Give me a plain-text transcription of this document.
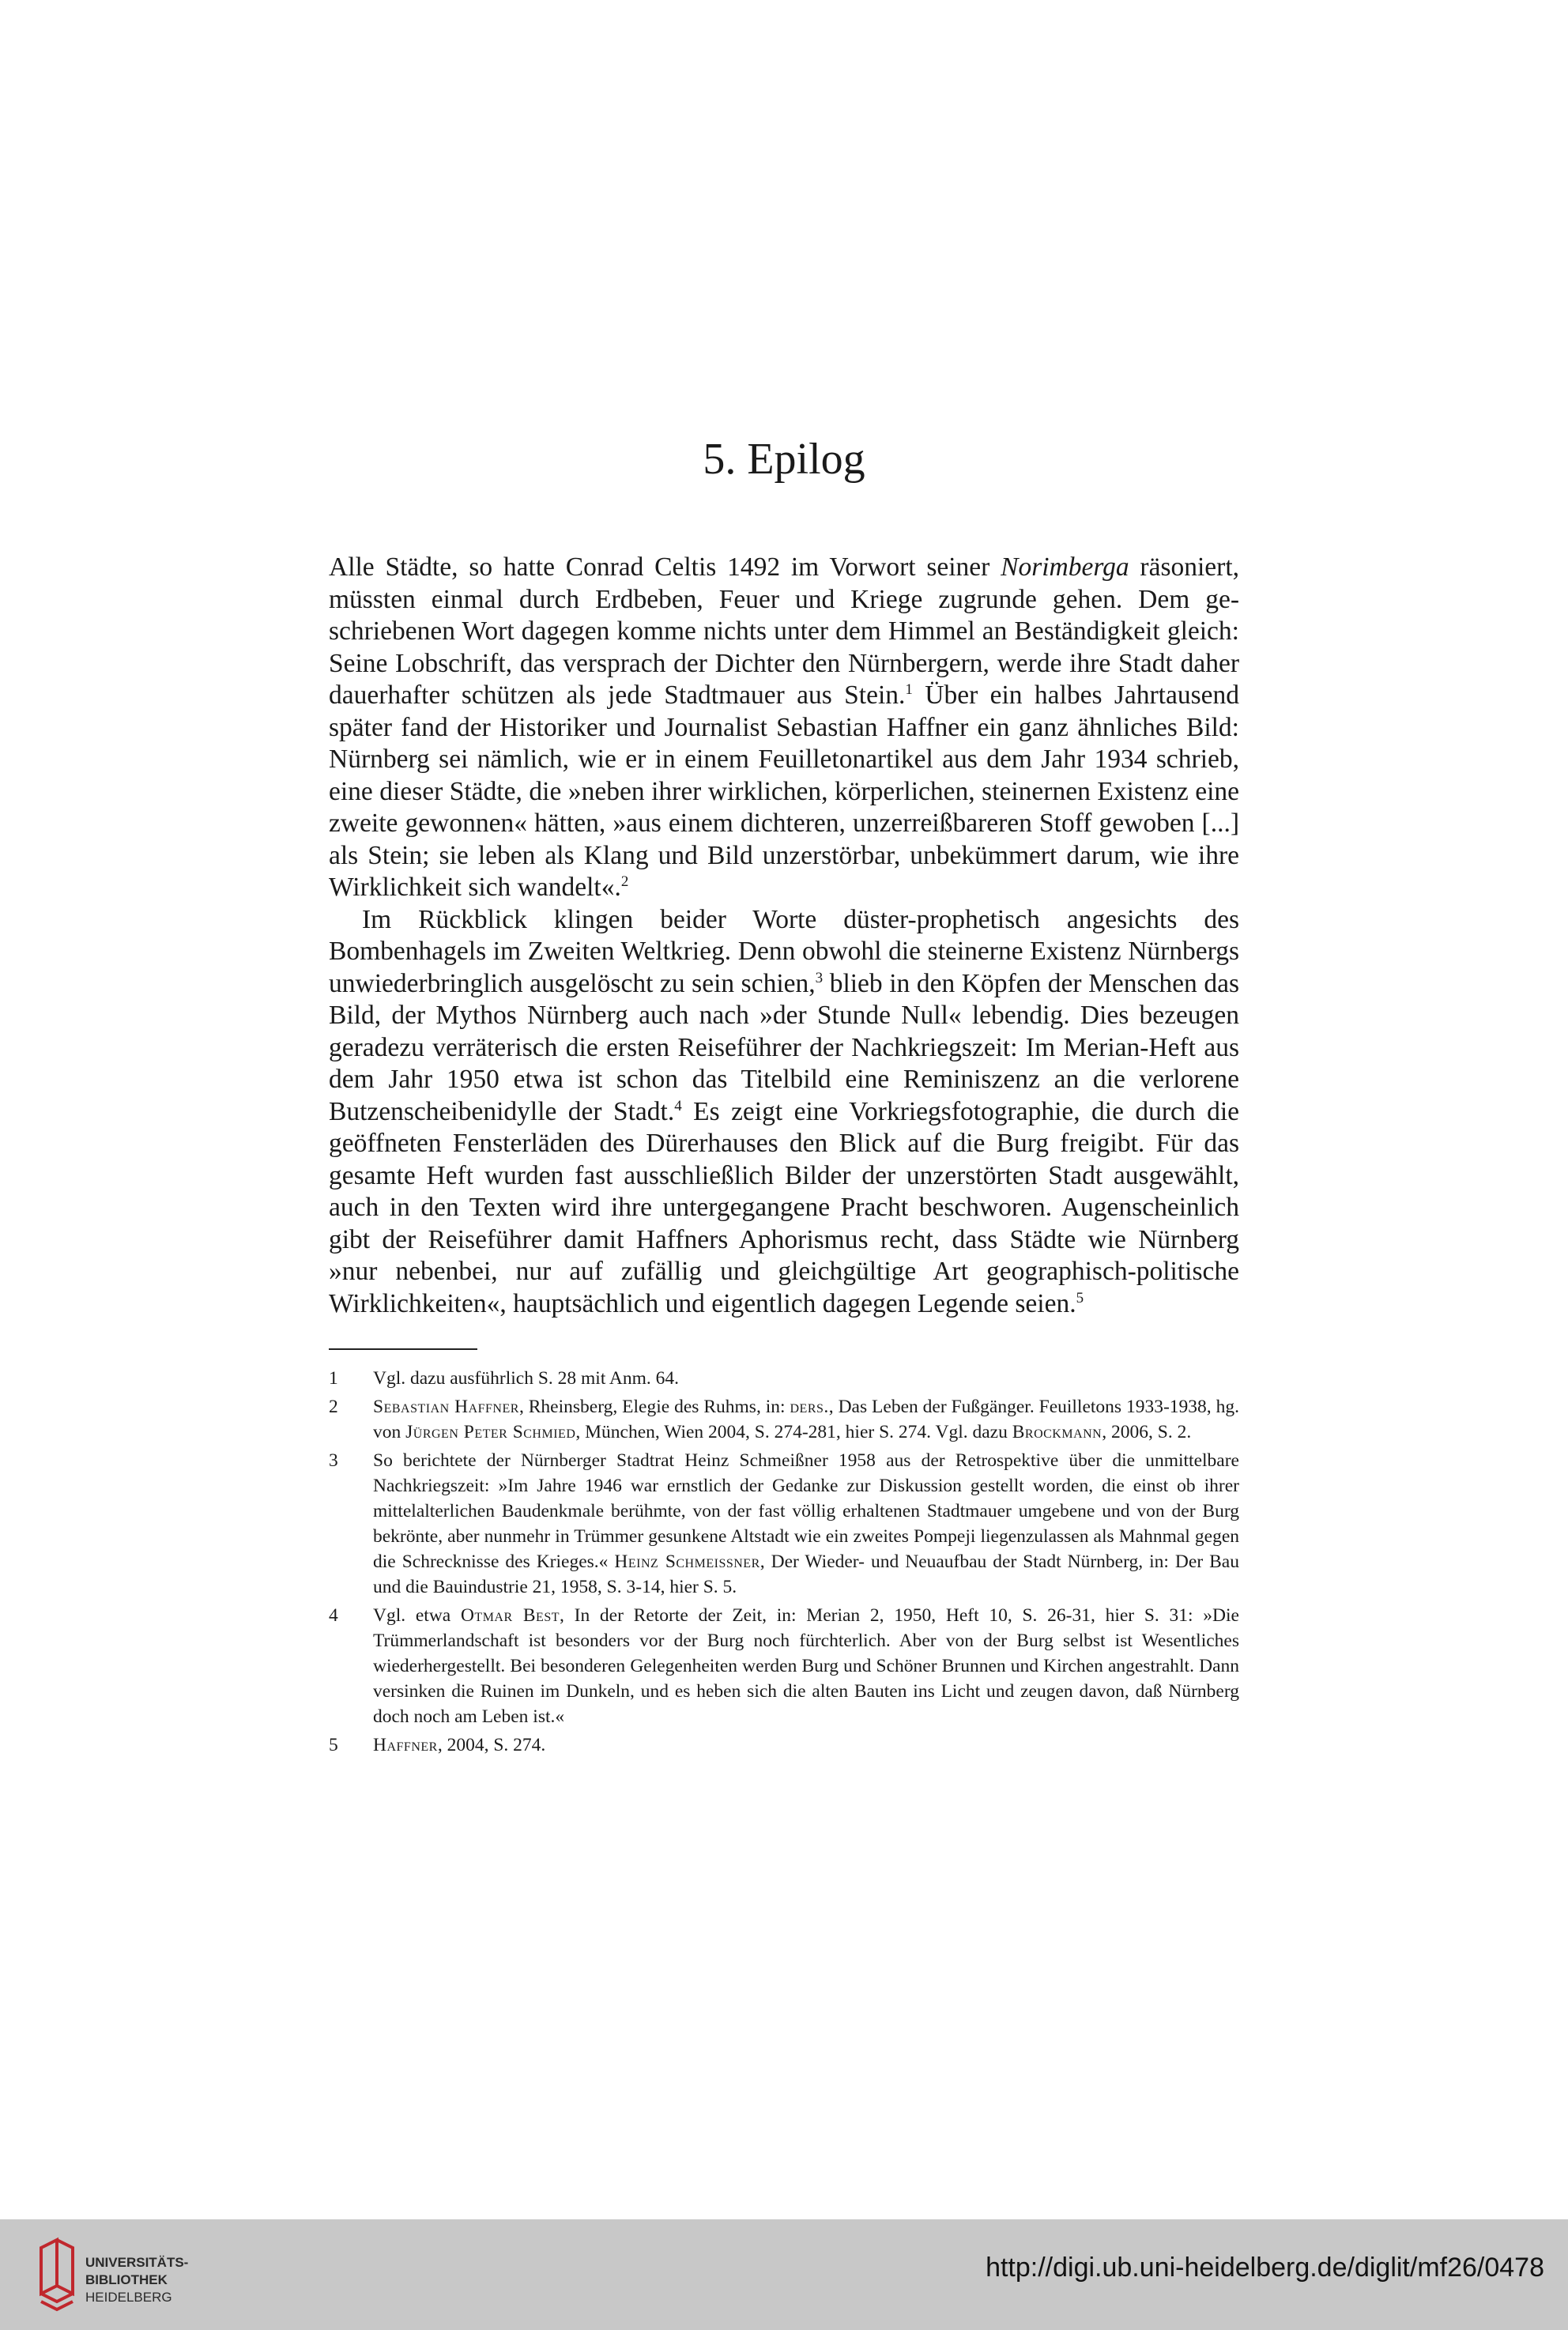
5. Epilog

Alle Städte, so hatte Conrad Celtis 1492 im Vorwort seiner Norimberga räsoniert, müssten einmal durch Erdbeben, Feuer und Kriege zugrunde gehen. Dem geschriebenen Wort dagegen komme nichts unter dem Himmel an Beständigkeit gleich: Seine Lobschrift, das versprach der Dichter den Nürnbergern, werde ihre Stadt daher dauerhafter schützen als jede Stadtmauer aus Stein.$^1$ Über ein halbes Jahrtausend später fand der Historiker und Journalist Sebastian Haffner ein ganz ähnliches Bild: Nürnberg sei nämlich, wie er in einem Feuilletonartikel aus dem Jahr 1934 schrieb, eine dieser Städte, die »neben ihrer wirklichen, körperlichen, steinernen Existenz eine zweite gewonnen« hätten, »aus einem dichteren, unzerreißbareren Stoff gewoben [...] als Stein; sie leben als Klang und Bild unzerstörbar, unbekümmert darum, wie ihre Wirklichkeit sich wandelt«.$^2$

Im Rückblick klingen beider Worte düster-prophetisch angesichts des Bombenhagels im Zweiten Weltkrieg. Denn obwohl die steinerne Existenz Nürnbergs unwiederbringlich ausgelöscht zu sein schien,$^3$ blieb in den Köpfen der Menschen das Bild, der Mythos Nürnberg auch nach »der Stunde Null« lebendig. Dies bezeugen geradezu verräterisch die ersten Reiseführer der Nachkriegszeit: Im Merian-Heft aus dem Jahr 1950 etwa ist schon das Titelbild eine Reminiszenz an die verlorene Butzenscheibenidylle der Stadt.$^4$ Es zeigt eine Vorkriegsfotographie, die durch die geöffneten Fensterläden des Dürerhauses den Blick auf die Burg freigibt. Für das gesamte Heft wurden fast ausschließlich Bilder der unzerstörten Stadt ausgewählt, auch in den Texten wird ihre untergegangene Pracht beschworen. Augenscheinlich gibt der Reiseführer damit Haffners Aphorismus recht, dass Städte wie Nürnberg »nur nebenbei, nur auf zufällig und gleichgültige Art geographisch-politische Wirklichkeiten«, hauptsächlich und eigentlich dagegen Legende seien.$^5$

1 Vgl. dazu ausführlich S. 28 mit Anm. 64.
2 Sebastian Haffner, Rheinsberg, Elegie des Ruhms, in: ders., Das Leben der Fußgänger. Feuilletons 1933-1938, hg. von Jürgen Peter Schmied, München, Wien 2004, S. 274-281, hier S. 274. Vgl. dazu Brockmann, 2006, S. 2.
3 So berichtete der Nürnberger Stadtrat Heinz Schmeißner 1958 aus der Retrospektive über die unmittelbare Nachkriegszeit: »Im Jahre 1946 war ernstlich der Gedanke zur Diskussion gestellt worden, die einst ob ihrer mittelalterlichen Baudenkmale berühmte, von der fast völlig erhaltenen Stadtmauer umgebene und von der Burg bekrönte, aber nunmehr in Trümmer gesunkene Altstadt wie ein zweites Pompeji liegenzulassen als Mahnmal gegen die Schrecknisse des Krieges.« Heinz Schmeissner, Der Wieder- und Neuaufbau der Stadt Nürnberg, in: Der Bau und die Bauindustrie 21, 1958, S. 3-14, hier S. 5.
4 Vgl. etwa Otmar Best, In der Retorte der Zeit, in: Merian 2, 1950, Heft 10, S. 26-31, hier S. 31: »Die Trümmerlandschaft ist besonders vor der Burg noch fürchterlich. Aber von der Burg selbst ist Wesentliches wiederhergestellt. Bei besonderen Gelegenheiten werden Burg und Schöner Brunnen und Kirchen angestrahlt. Dann versinken die Ruinen im Dunkeln, und es heben sich die alten Bauten ins Licht und zeugen davon, daß Nürnberg doch noch am Leben ist.«
5 Haffner, 2004, S. 274.
UNIVERSITÄTS-
BIBLIOTHEK
HEIDELBERG
http://digi.ub.uni-heidelberg.de/diglit/mf26/0478
